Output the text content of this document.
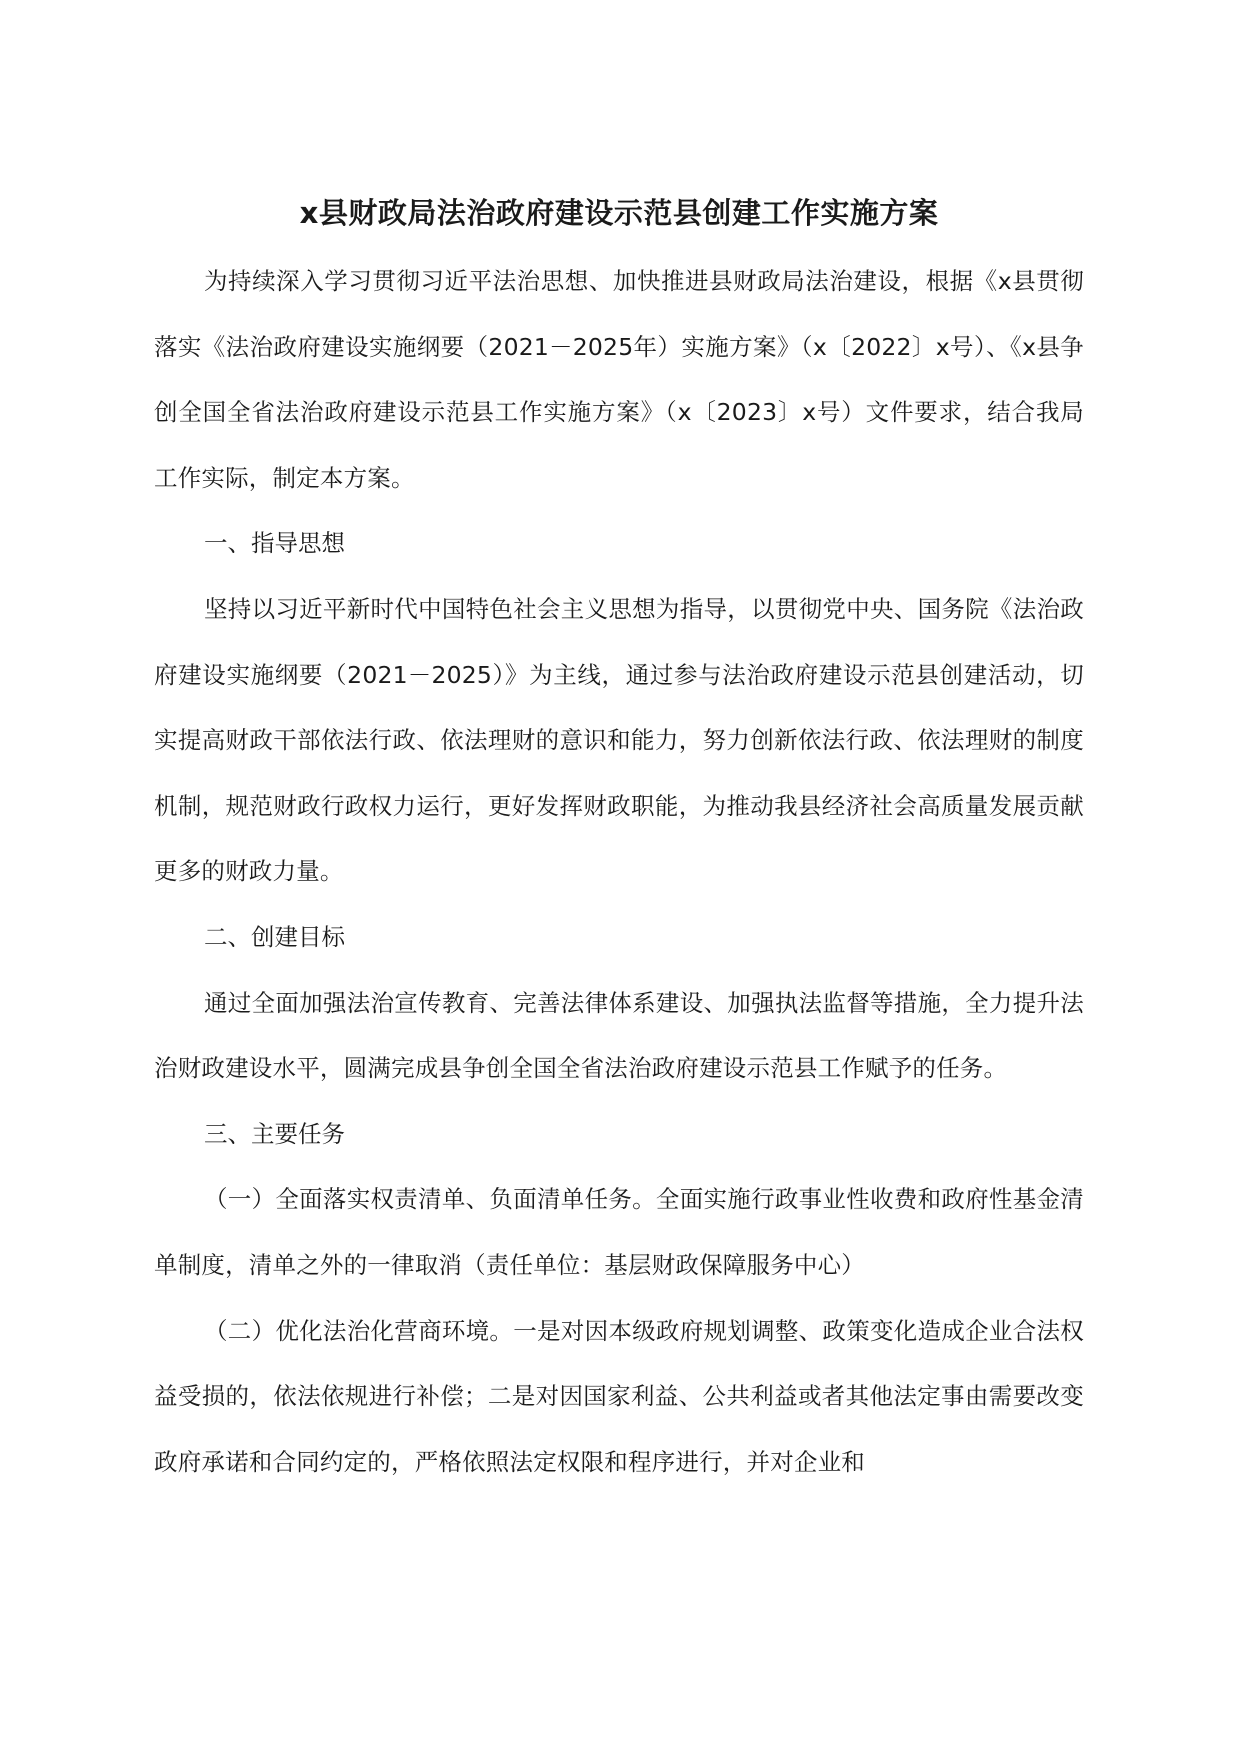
x县财政局法治政府建设示范县创建工作实施方案

为持续深入学习贯彻习近平法治思想、加快推进县财政局法治建设，根据《x县贯彻落实《法治政府建设实施纲要（2021－2025年）实施方案》（x〔2022〕x号）、《x县争创全国全省法治政府建设示范县工作实施方案》（x〔2023〕x号）文件要求，结合我局工作实际，制定本方案。

一、指导思想

坚持以习近平新时代中国特色社会主义思想为指导，以贯彻党中央、国务院《法治政府建设实施纲要（2021－2025）》为主线，通过参与法治政府建设示范县创建活动，切实提高财政干部依法行政、依法理财的意识和能力，努力创新依法行政、依法理财的制度机制，规范财政行政权力运行，更好发挥财政职能，为推动我县经济社会高质量发展贡献更多的财政力量。

二、创建目标

通过全面加强法治宣传教育、完善法律体系建设、加强执法监督等措施，全力提升法治财政建设水平，圆满完成县争创全国全省法治政府建设示范县工作赋予的任务。

三、主要任务

（一）全面落实权责清单、负面清单任务。全面实施行政事业性收费和政府性基金清单制度，清单之外的一律取消（责任单位：基层财政保障服务中心）

（二）优化法治化营商环境。一是对因本级政府规划调整、政策变化造成企业合法权益受损的，依法依规进行补偿；二是对因国家利益、公共利益或者其他法定事由需要改变政府承诺和合同约定的，严格依照法定权限和程序进行，并对企业和
